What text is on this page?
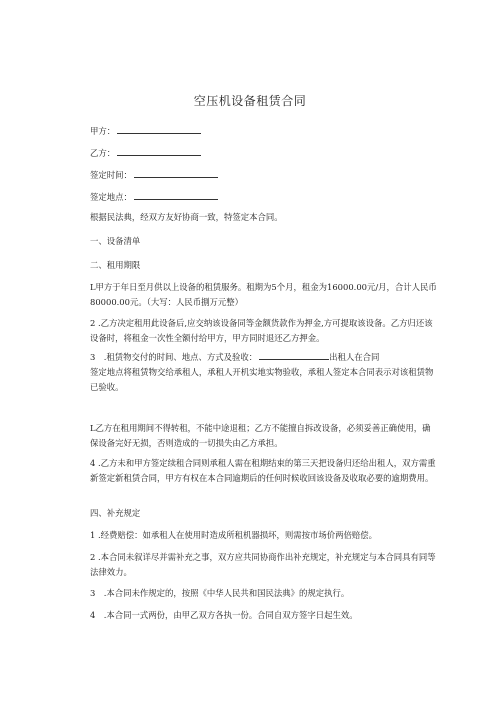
空压机设备租赁合同
甲方：
乙方：
签定时间：
签定地点：
根据民法典，经双方友好协商一致，特签定本合同。
一、设备清单
二、租用期限
L甲方于年日至月供以上设备的租赁服务。租期为5个月，租金为16000.00元/月，合计人民币80000.00元。（大写：人民币捌万元整）
2 .乙方决定租用此设备后,应交纳该设备同等金额货款作为押金,方可提取该设备。乙方归还该设备时，将租金一次性全额付给甲方，甲方同时退还乙方押金。
3　.租赁物交付的时间、地点、方式及验收：	出租人在合同
签定地点将租赁物交给承租人，承租人开机实地实物验收，承租人签定本合同表示对该租赁物已验收。
L乙方在租用期间不得转租，不能中途退租；乙方不能擅自拆改设备，必须妥善正确使用，确保设备完好无损，否则造成的一切损失由乙方承担。
4 .乙方未和甲方签定续租合同则承租人需在租期结束的第三天把设备归还给出租人，双方需重新签定新租赁合同，甲方有权在本合同逾期后的任何时候收回该设备及收取必要的逾期费用。
四、补充规定
1 .经费赔偿：如承租人在使用时造成所租机器损坏，则需按市场价两倍赔偿。
2 .本合同未叙详尽并需补充之事，双方应共同协商作出补充规定，补充规定与本合同具有同等法律效力。
3　.本合同未作规定的，按照《中华人民共和国民法典》的规定执行。
4　.本合同一式两份，由甲乙双方各执一份。合同自双方签字日起生效。
